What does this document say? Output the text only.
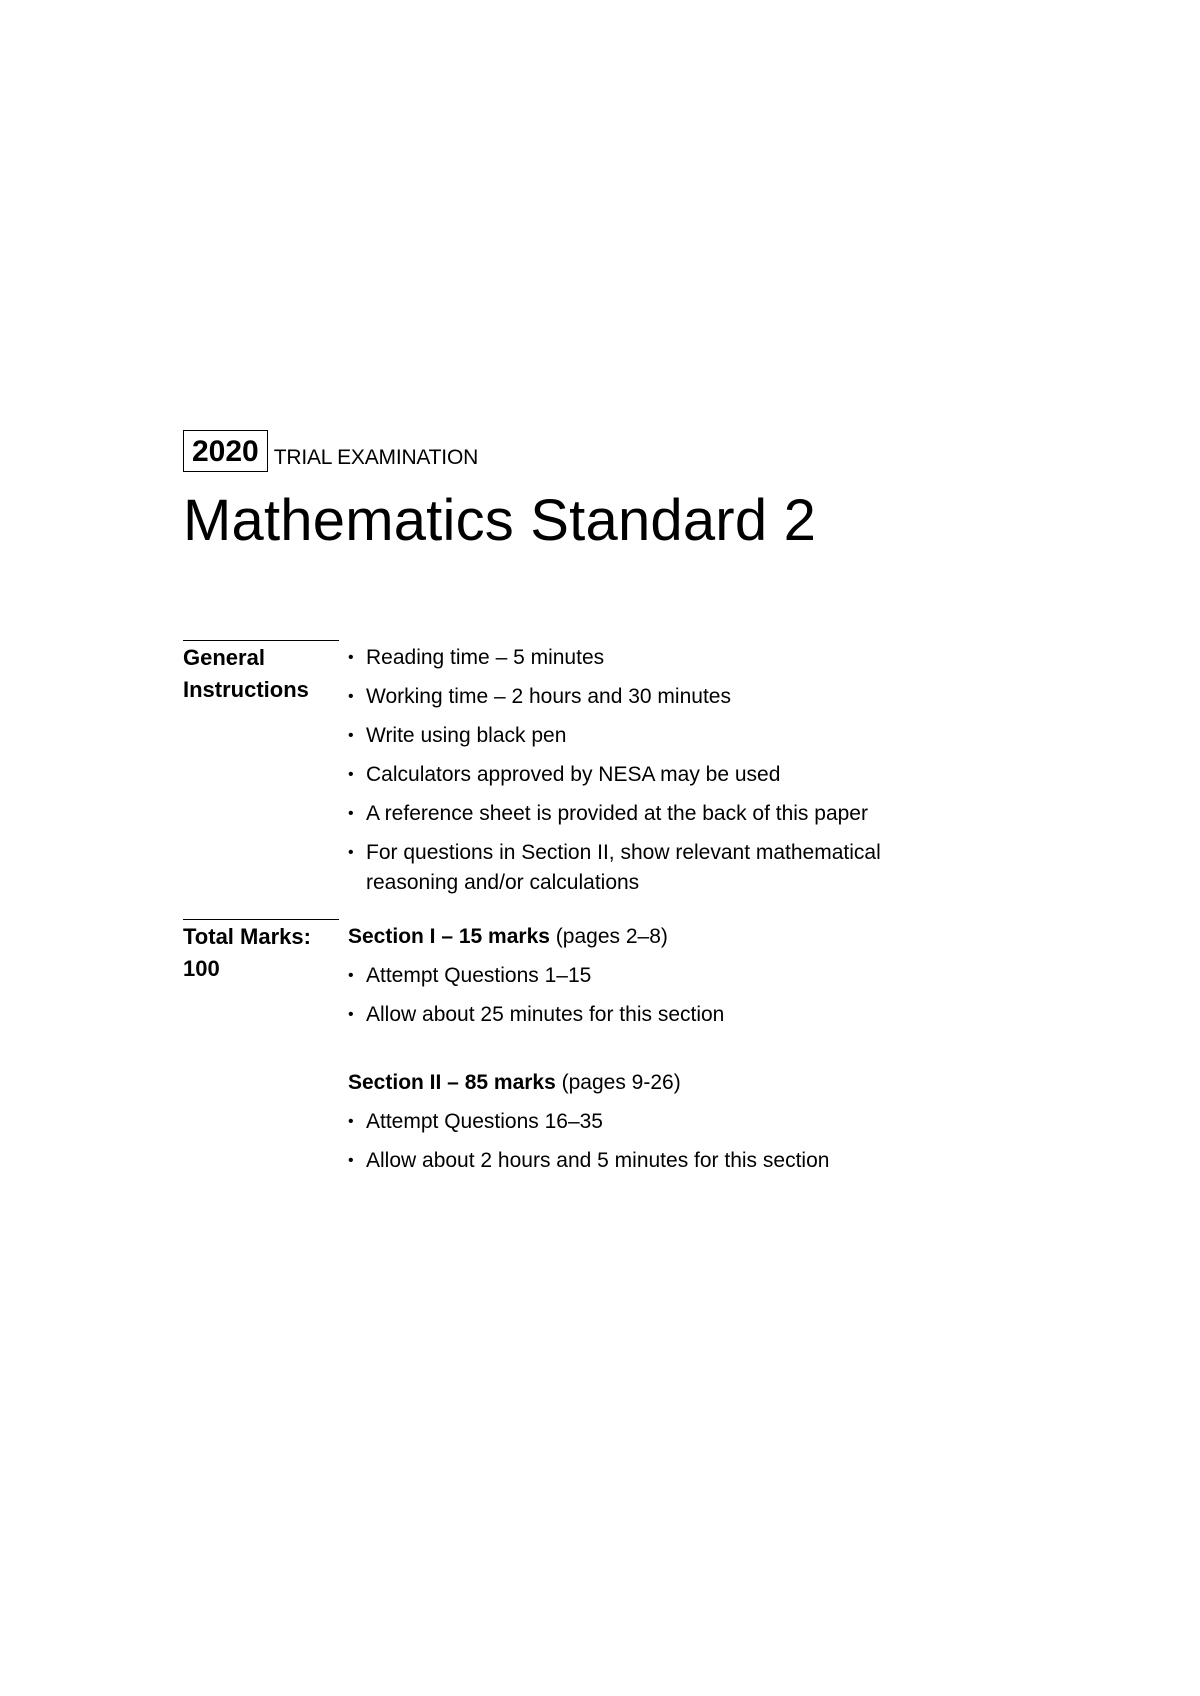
2020 TRIAL EXAMINATION
Mathematics Standard 2
General
Instructions
• Reading time – 5 minutes
• Working time – 2 hours and 30 minutes
• Write using black pen
• Calculators approved by NESA may be used
• A reference sheet is provided at the back of this paper
• For questions in Section II, show relevant mathematical reasoning and/or calculations
Total Marks:
100
Section I – 15 marks (pages 2–8)
• Attempt Questions 1–15
• Allow about 25 minutes for this section
Section II – 85 marks (pages 9-26)
• Attempt Questions 16–35
• Allow about 2 hours and 5 minutes for this section
